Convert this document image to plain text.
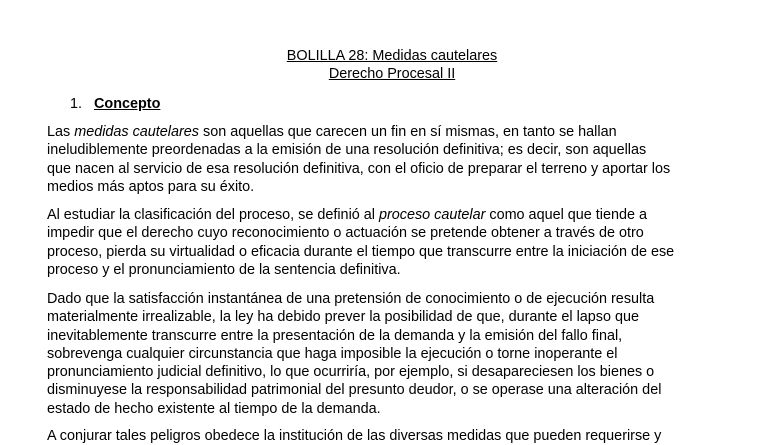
BOLILLA 28: Medidas cautelares
Derecho Procesal II
1. Concepto

Las medidas cautelares son aquellas que carecen un fin en sí mismas, en tanto se hallan
ineludiblemente preordenadas a la emisión de una resolución definitiva; es decir, son aquellas
que nacen al servicio de esa resolución definitiva, con el oficio de preparar el terreno y aportar los
medios más aptos para su éxito.

Al estudiar la clasificación del proceso, se definió al proceso cautelar como aquel que tiende a
impedir que el derecho cuyo reconocimiento o actuación se pretende obtener a través de otro
proceso, pierda su virtualidad o eficacia durante el tiempo que transcurre entre la iniciación de ese
proceso y el pronunciamiento de la sentencia definitiva.

Dado que la satisfacción instantánea de una pretensión de conocimiento o de ejecución resulta
materialmente irrealizable, la ley ha debido prever la posibilidad de que, durante el lapso que
inevitablemente transcurre entre la presentación de la demanda y la emisión del fallo final,
sobrevenga cualquier circunstancia que haga imposible la ejecución o torne inoperante el
pronunciamiento judicial definitivo, lo que ocurriría, por ejemplo, si desapareciesen los bienes o
disminuyese la responsabilidad patrimonial del presunto deudor, o se operase una alteración del
estado de hecho existente al tiempo de la demanda.

A conjurar tales peligros obedece la institución de las diversas medidas que pueden requerirse y
